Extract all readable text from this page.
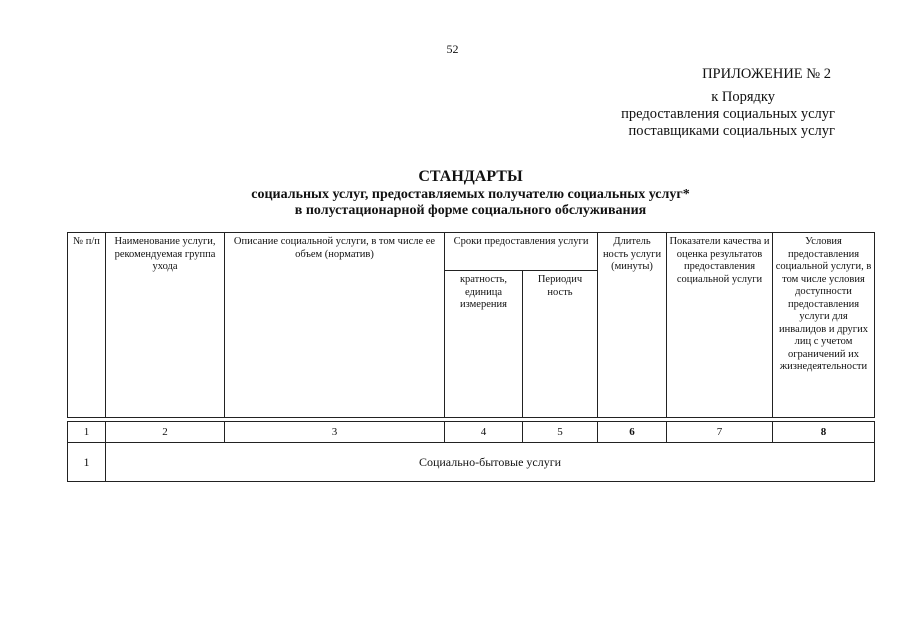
52
ПРИЛОЖЕНИЕ № 2
к Порядку
предоставления социальных услуг
поставщиками социальных услуг
СТАНДАРТЫ
социальных услуг, предоставляемых получателю социальных услуг*
в полустационарной форме социального обслуживания
№ п/п	Наименование услуги, рекомендуемая группа ухода	Описание социальной услуги, в том числе ее объем (норматив)	Сроки предоставления услуги		Длитель ность услуги (минуты)	Показатели качества и оценка результатов предоставления социальной услуги	Условия предоставления социальной услуги, в том числе условия доступности предоставления услуги для инвалидов и других лиц с учетом ограничений их жизнедеятельности
			кратность, единица измерения	Периодич ность			

1	2	3	4	5	6	7	8
1	Социально-бытовые услуги						
